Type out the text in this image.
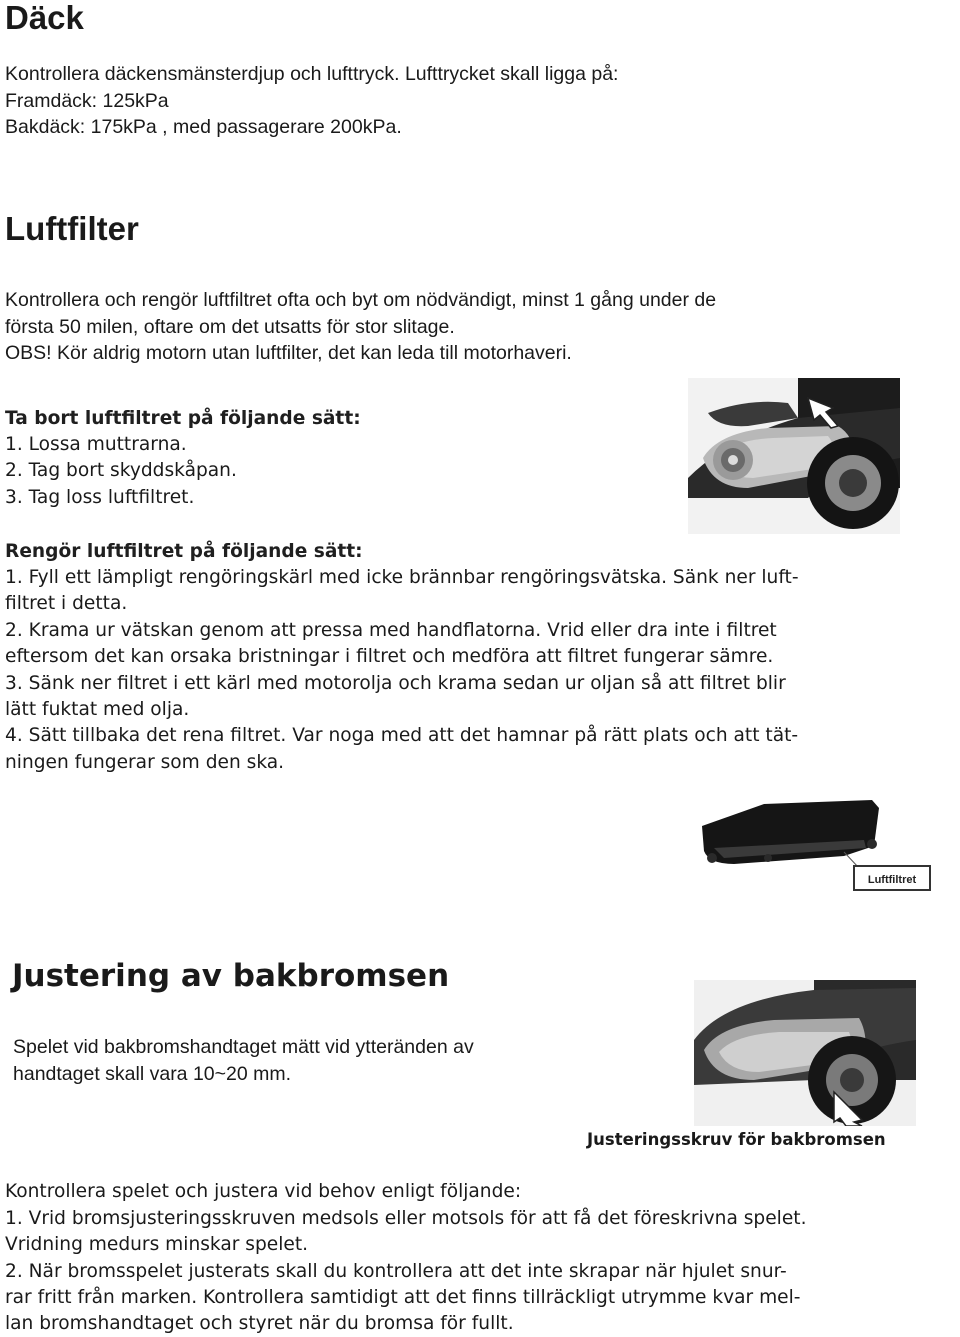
Däck
Kontrollera däckensmänsterdjup och lufttryck. Lufttrycket skall ligga på:
Framdäck: 125kPa
Bakdäck: 175kPa , med passagerare 200kPa.
Luftfilter
Kontrollera och rengör luftfiltret ofta och byt om nödvändigt, minst 1 gång under de
första 50 milen, oftare om det utsatts för stor slitage.
OBS! Kör aldrig motorn utan luftfilter, det kan leda till motorhaveri.
Ta bort luftfiltret på följande sätt:
1. Lossa muttrarna.
2. Tag bort skyddskåpan.
3. Tag loss luftfiltret.
Rengör luftfiltret på följande sätt:
1. Fyll ett lämpligt rengöringskärl med icke brännbar rengöringsvätska. Sänk ner luft-
filtret i detta.
2. Krama ur vätskan genom att pressa med handflatorna. Vrid eller dra inte i filtret
eftersom det kan orsaka bristningar i filtret och medföra att filtret fungerar sämre.
3. Sänk ner filtret i ett kärl med motorolja och krama sedan ur oljan så att filtret blir
lätt fuktat med olja.
4. Sätt tillbaka det rena filtret. Var noga med att det hamnar på rätt plats och att tät-
ningen fungerar som den ska.
Luftfiltret
Justering av bakbromsen
Spelet vid bakbromshandtaget mätt vid ytteränden av
handtaget skall vara 10~20 mm.
Justeringsskruv för bakbromsen
Kontrollera spelet och justera vid behov enligt följande:
1. Vrid bromsjusteringsskruven medsols eller motsols för att få det föreskrivna spelet.
Vridning medurs minskar spelet.
2. När bromsspelet justerats skall du kontrollera att det inte skrapar när hjulet snur-
rar fritt från marken. Kontrollera samtidigt att det finns tillräckligt utrymme kvar mel-
lan bromshandtaget och styret när du bromsa för fullt.
